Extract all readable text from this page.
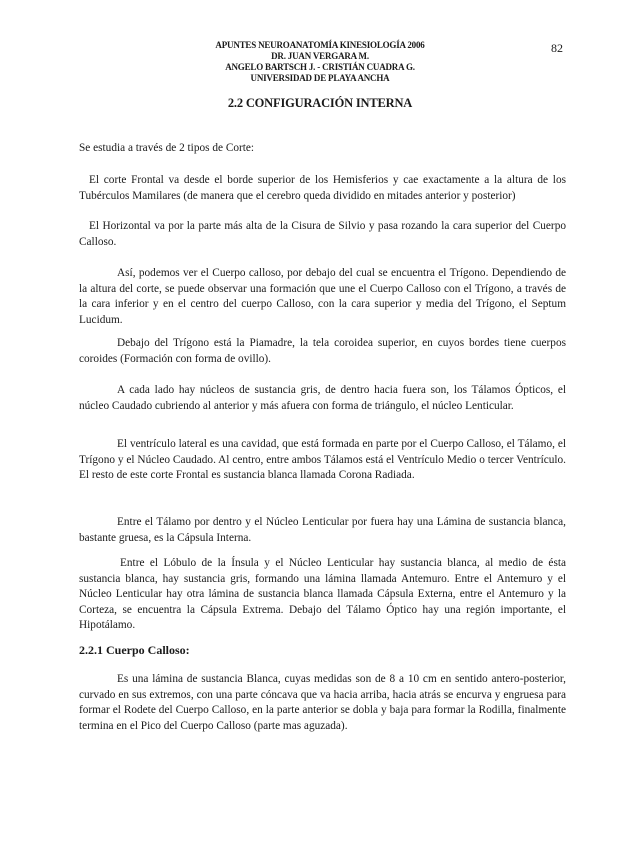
APUNTES NEUROANATOMÍA KINESIOLOGÍA 2006
DR. JUAN VERGARA M.
ANGELO BARTSCH J. - CRISTIÁN CUADRA G.
UNIVERSIDAD DE PLAYA ANCHA
82
2.2 CONFIGURACIÓN INTERNA

Se estudia a través de 2 tipos de Corte:

El corte Frontal va desde el borde superior de los Hemisferios y cae exactamente a la altura de los Tubérculos Mamilares (de manera que el cerebro queda dividido en mitades anterior y posterior)

El Horizontal va por la parte más alta de la Cisura de Silvio y pasa rozando la cara superior del Cuerpo Calloso.

Así, podemos ver el Cuerpo calloso, por debajo del cual se encuentra el Trígono. Dependiendo de la altura del corte, se puede observar una formación que une el Cuerpo Calloso con el Trígono, a través de la cara inferior y en el centro del cuerpo Calloso, con la cara superior y media del Trígono, el Septum Lucidum.

Debajo del Trígono está la Piamadre, la tela coroidea superior, en cuyos bordes tiene cuerpos coroides (Formación con forma de ovillo).

A cada lado hay núcleos de sustancia gris, de dentro hacia fuera son, los Tálamos Ópticos, el núcleo Caudado cubriendo al anterior y más afuera con forma de triángulo, el núcleo Lenticular.

El ventrículo lateral es una cavidad, que está formada en parte por el Cuerpo Calloso, el Tálamo, el Trígono y el Núcleo Caudado. Al centro, entre ambos Tálamos está el Ventrículo Medio o tercer Ventrículo. El resto de este corte Frontal es sustancia blanca llamada Corona Radiada.

Entre el Tálamo por dentro y el Núcleo Lenticular por fuera hay una Lámina de sustancia blanca, bastante gruesa, es la Cápsula Interna.

Entre el Lóbulo de la Ínsula y el Núcleo Lenticular hay sustancia blanca, al medio de ésta sustancia blanca, hay sustancia gris, formando una lámina llamada Antemuro. Entre el Antemuro y el Núcleo Lenticular hay otra lámina de sustancia blanca llamada Cápsula Externa, entre el Antemuro y la Corteza, se encuentra la Cápsula Extrema. Debajo del Tálamo Óptico hay una región importante, el Hipotálamo.

2.2.1 Cuerpo Calloso:

Es una lámina de sustancia Blanca, cuyas medidas son de 8 a 10 cm en sentido antero-posterior, curvado en sus extremos, con una parte cóncava que va hacia arriba, hacia atrás se encurva y engruesa para formar el Rodete del Cuerpo Calloso, en la parte anterior se dobla y baja para formar la Rodilla, finalmente termina en el Pico del Cuerpo Calloso (parte mas aguzada).
